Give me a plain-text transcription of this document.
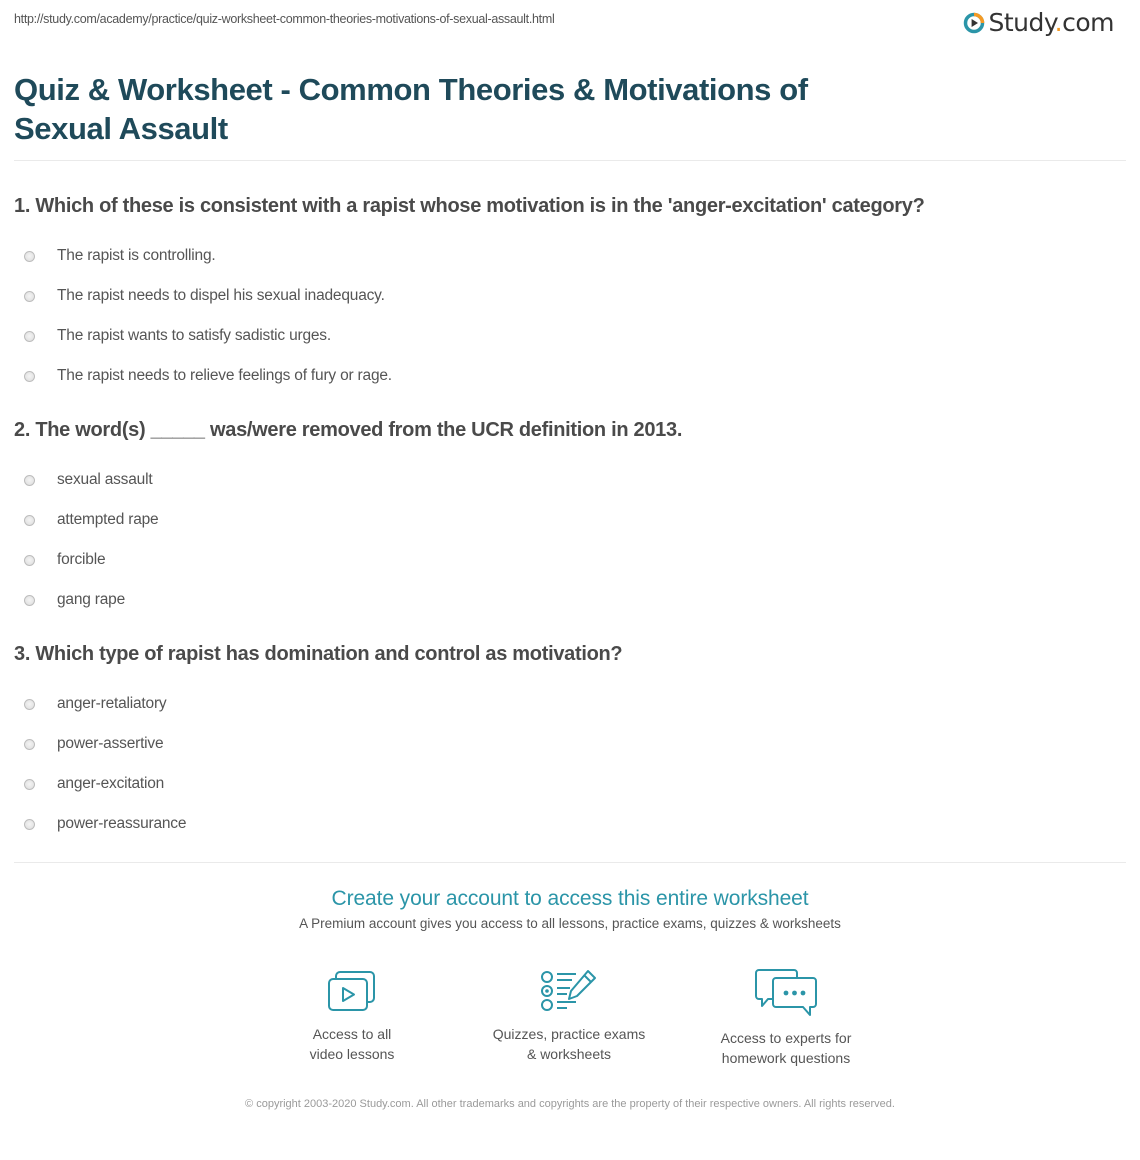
http://study.com/academy/practice/quiz-worksheet-common-theories-motivations-of-sexual-assault.html	Study.com
Quiz & Worksheet - Common Theories & Motivations of Sexual Assault
1. Which of these is consistent with a rapist whose motivation is in the 'anger-excitation' category?
The rapist is controlling.
The rapist needs to dispel his sexual inadequacy.
The rapist wants to satisfy sadistic urges.
The rapist needs to relieve feelings of fury or rage.
2. The word(s) _____ was/were removed from the UCR definition in 2013.
sexual assault
attempted rape
forcible
gang rape
3. Which type of rapist has domination and control as motivation?
anger-retaliatory
power-assertive
anger-excitation
power-reassurance
Create your account to access this entire worksheet
A Premium account gives you access to all lessons, practice exams, quizzes & worksheets
Access to all
video lessons
Quizzes, practice exams
& worksheets
Access to experts for
homework questions
© copyright 2003-2020 Study.com. All other trademarks and copyrights are the property of their respective owners. All rights reserved.
